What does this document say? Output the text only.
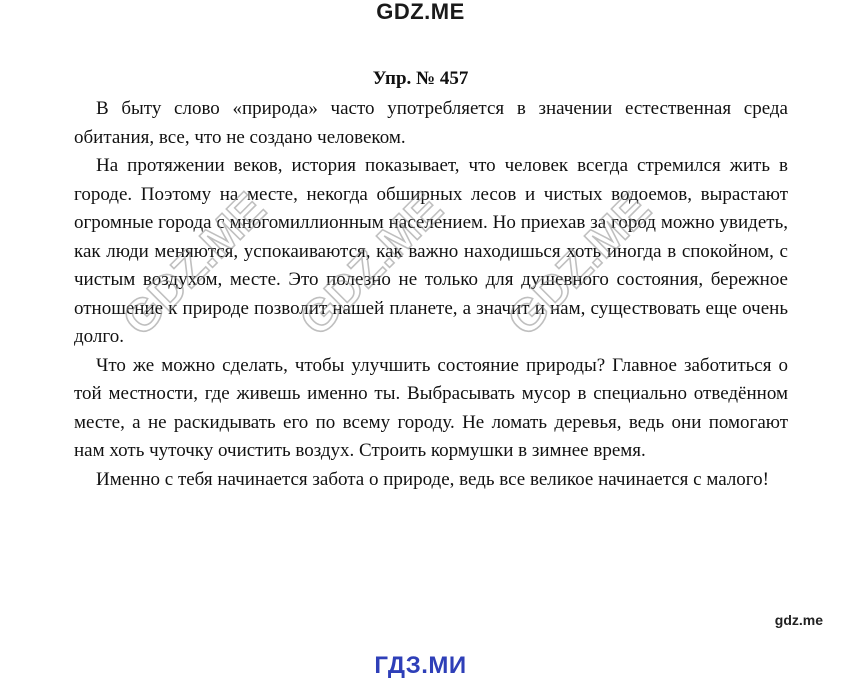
GDZ.ME
Упр. № 457

В быту слово «природа» часто употребляется в значении естественная среда обитания, все, что не создано человеком.

На протяжении веков, история показывает, что человек всегда стремился жить в городе. Поэтому на месте, некогда обширных лесов и чистых водоемов, вырастают огромные города с многомиллионным населением. Но приехав за город можно увидеть, как люди меняются, успокаиваются, как важно находишься хоть иногда в спокойном, с чистым воздухом, месте. Это полезно не только для душевного состояния, бережное отношение к природе позволит нашей планете, а значит и нам, существовать еще очень долго.

Что же можно сделать, чтобы улучшить состояние природы? Главное заботиться о той местности, где живешь именно ты. Выбрасывать мусор в специально отведённом месте, а не раскидывать его по всему городу. Не ломать деревья, ведь они помогают нам хоть чуточку очистить воздух. Строить кормушки в зимнее время.

Именно с тебя начинается забота о природе, ведь все великое начинается с малого!

GDZ.ME GDZ.ME GDZ.ME
gdz.me
ГДЗ.МИ
